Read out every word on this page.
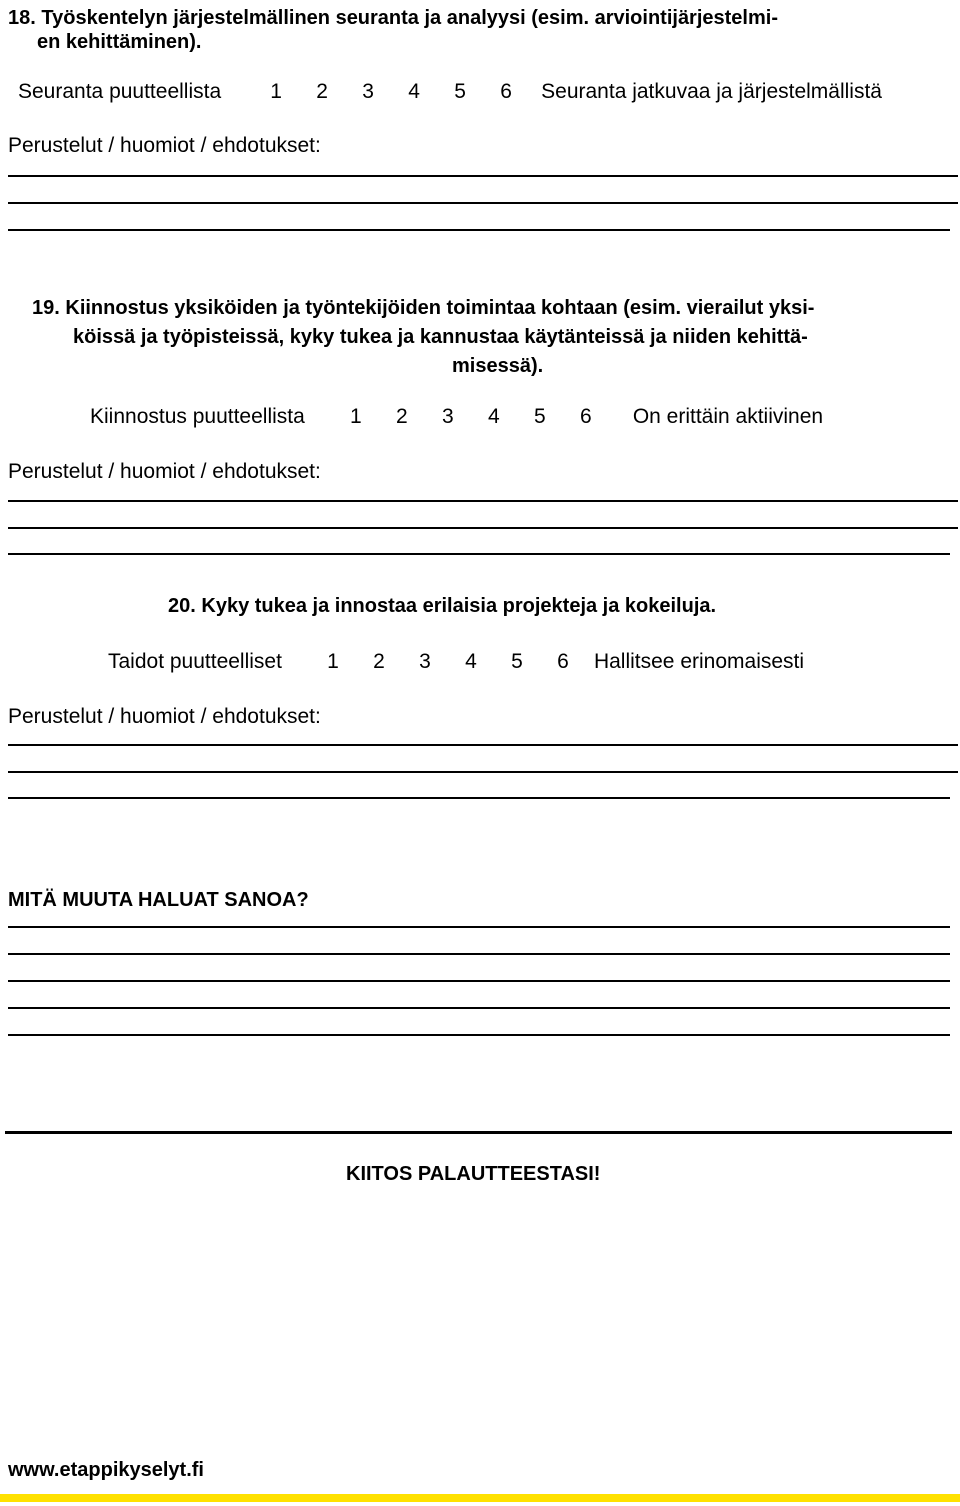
18. Työskentelyn järjestelmällinen seuranta ja analyysi (esim. arviointijärjestelmi-
en kehittäminen).
Seuranta puutteellista	1	2	3	4	5	6	Seuranta jatkuvaa ja järjestelmällistä
Perustelut / huomiot / ehdotukset:
19. Kiinnostus yksiköiden ja työntekijöiden toimintaa kohtaan (esim. vierailut yksi-
köissä ja työpisteissä, kyky tukea ja kannustaa käytänteissä ja niiden kehittä-
misessä).
Kiinnostus puutteellista	1	2	3	4	5	6	On erittäin aktiivinen
Perustelut / huomiot / ehdotukset:
20. Kyky tukea ja innostaa erilaisia projekteja ja kokeiluja.
Taidot puutteelliset	1	2	3	4	5	6	Hallitsee erinomaisesti
Perustelut / huomiot / ehdotukset:
MITÄ MUUTA HALUAT SANOA?
KIITOS PALAUTTEESTASI!
www.etappikyselyt.fi
